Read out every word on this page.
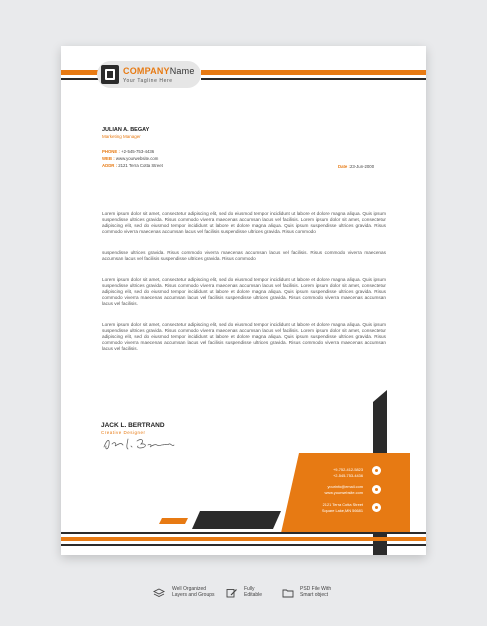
COMPANYName
Your Tagline Here
JULIAN A. BEGAY
Marketing Manager
PHONE : +2-545-753-4436
WEB : www.yourwebsite.com
ADDR : 2121 Terra Cotta Street	Date :23-Jun-2000
Lorem ipsum dolor sit amet, consectetur adipiscing elit, sed do eiusmod tempor incididunt ut labore et dolore magna aliqua. Quis ipsum suspendisse ultrices gravida. Risus commodo viverra maecenas accumsan lacus vel facilisis. Lorem ipsum dolor sit amet, consectetur adipiscing elit, sed do eiusmod tempor incididunt ut labore et dolore magna aliqua. Quis ipsum suspendisse ultrices gravida. Risus commodo viverra maecenas accumsan lacus vel facilisis suspendisse ultrices gravida. Risus commodo
suspendisse ultrices gravida. Risus commodo viverra maecenas accumsan lacus vel facilisis. Risus commodo viverra maecenas accumsan lacus vel facilisis suspendisse ultrices gravida. Risus commodo
Lorem ipsum dolor sit amet, consectetur adipiscing elit, sed do eiusmod tempor incididunt ut labore et dolore magna aliqua. Quis ipsum suspendisse ultrices gravida. Risus commodo viverra maecenas accumsan lacus vel facilisis. Lorem ipsum dolor sit amet, consectetur adipiscing elit, sed do eiusmod tempor incididunt ut labore et dolore magna aliqua. Quis ipsum suspendisse ultrices gravida. Risus commodo viverra maecenas accumsan lacus vel facilisis suspendisse ultrices gravida. Risus commodo viverra maecenas accumsan lacus vel facilisis.
Lorem ipsum dolor sit amet, consectetur adipiscing elit, sed do eiusmod tempor incididunt ut labore et dolore magna aliqua. Quis ipsum suspendisse ultrices gravida. Risus commodo viverra maecenas accumsan lacus vel facilisis. Lorem ipsum dolor sit amet, consectetur adipiscing elit, sed do eiusmod tempor incididunt ut labore et dolore magna aliqua. Quis ipsum suspendisse ultrices gravida. Risus commodo viverra maecenas accumsan lacus vel facilisis suspendisse ultrices gravida. Risus commodo viverra maecenas accumsan lacus vel facilisis.
JACK L. BERTRAND
Creative Designer
+9-752-412-5823
+2-545-753-4436
yourinfo@email.com
www.yourwebsite.com
2121 Terra Cotta Street
Square Lake,MN 56681
Well Organized
Layers and Groups
Fully
Editable
PSD File With
Smart object
